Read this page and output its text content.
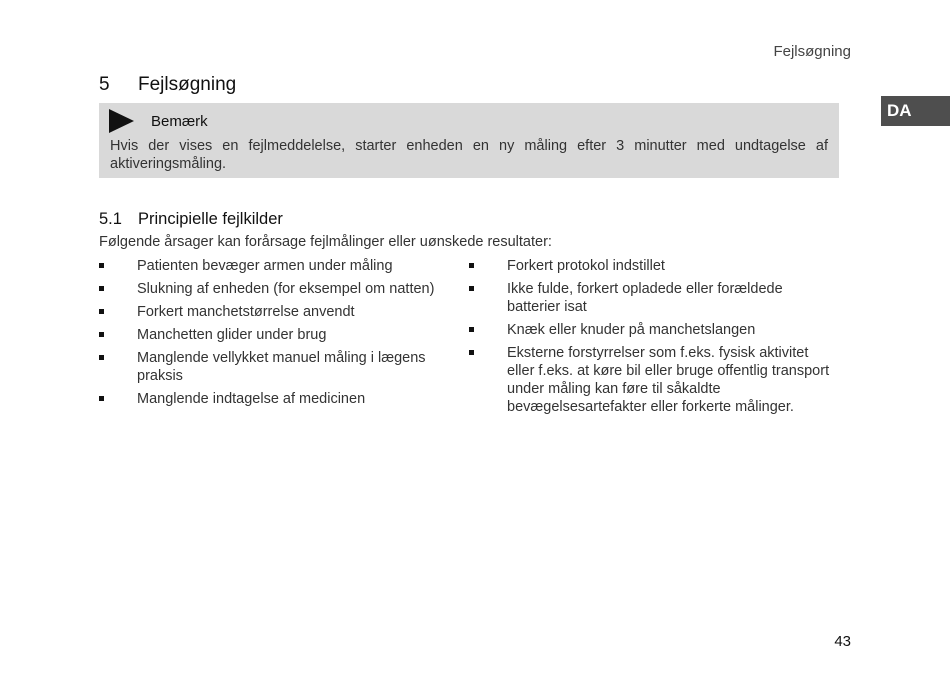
Fejlsøgning
DA
5 Fejlsøgning
Bemærk
Hvis der vises en fejlmeddelelse, starter enheden en ny måling efter 3 minutter med undtagelse af aktiveringsmåling.
5.1 Principielle fejlkilder
Følgende årsager kan forårsage fejlmålinger eller uønskede resultater:
Patienten bevæger armen under måling
Slukning af enheden (for eksempel om natten)
Forkert manchetstørrelse anvendt
Manchetten glider under brug
Manglende vellykket manuel måling i lægens praksis
Manglende indtagelse af medicinen
Forkert protokol indstillet
Ikke fulde, forkert opladede eller forældede batterier isat
Knæk eller knuder på manchetslangen
Eksterne forstyrrelser som f.eks. fysisk aktivitet eller f.eks. at køre bil eller bruge offentlig transport under måling kan føre til såkaldte bevægelsesartefakter eller forkerte målinger.
43
